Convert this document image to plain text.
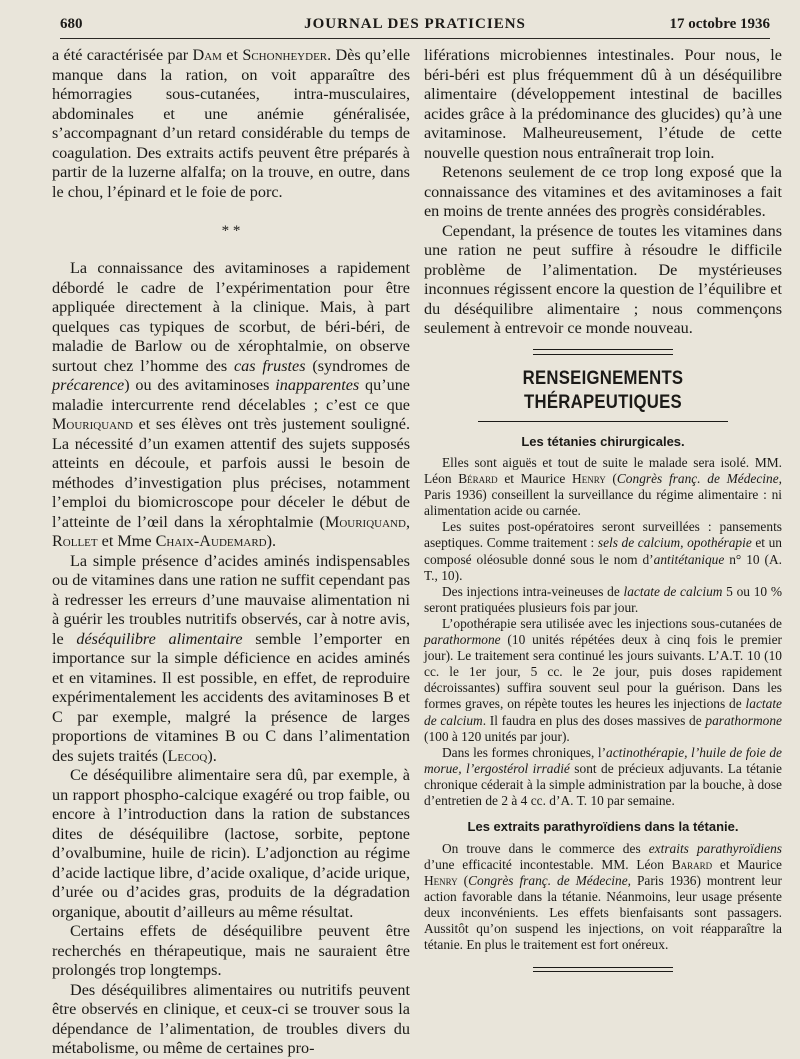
680	JOURNAL DES PRATICIENS	17 octobre 1936

a été caractérisée par Dam et Schonheyder. Dès qu’elle manque dans la ration, on voit apparaître des hémorragies sous-cutanées, intra-musculaires, abdominales et une anémie généralisée, s’accompagnant d’un retard considérable du temps de coagulation. Des extraits actifs peuvent être préparés à partir de la luzerne alfalfa; on la trouve, en outre, dans le chou, l’épinard et le foie de porc.

* *

La connaissance des avitaminoses a rapidement débordé le cadre de l’expérimentation pour être appliquée directement à la clinique. Mais, à part quelques cas typiques de scorbut, de béri-béri, de maladie de Barlow ou de xérophtalmie, on observe surtout chez l’homme des cas frustes (syndromes de précarence) ou des avitaminoses inapparentes qu’une maladie intercurrente rend décelables ; c’est ce que Mouriquand et ses élèves ont très justement souligné. La nécessité d’un examen attentif des sujets supposés atteints en découle, et parfois aussi le besoin de méthodes d’investigation plus précises, notamment l’emploi du biomicroscope pour déceler le début de l’atteinte de l’œil dans la xérophtalmie (Mouriquand, Rollet et Mme Chaix-Audemard).

La simple présence d’acides aminés indispensables ou de vitamines dans une ration ne suffit cependant pas à redresser les erreurs d’une mauvaise alimentation ni à guérir les troubles nutritifs observés, car à notre avis, le déséquilibre alimentaire semble l’emporter en importance sur la simple déficience en acides aminés et en vitamines. Il est possible, en effet, de reproduire expérimentalement les accidents des avitaminoses B et C par exemple, malgré la présence de larges proportions de vitamines B ou C dans l’alimentation des sujets traités (Lecoq).

Ce déséquilibre alimentaire sera dû, par exemple, à un rapport phospho-calcique exagéré ou trop faible, ou encore à l’introduction dans la ration de substances dites de déséquilibre (lactose, sorbite, peptone d’ovalbumine, huile de ricin). L’adjonction au régime d’acide lactique libre, d’acide oxalique, d’acide urique, d’urée ou d’acides gras, produits de la dégradation organique, aboutit d’ailleurs au même résultat.

Certains effets de déséquilibre peuvent être recherchés en thérapeutique, mais ne sauraient être prolongés trop longtemps.

Des déséquilibres alimentaires ou nutritifs peuvent être observés en clinique, et ceux-ci se trouver sous la dépendance de l’alimentation, de troubles divers du métabolisme, ou même de certaines pro-

liférations microbiennes intestinales. Pour nous, le béri-béri est plus fréquemment dû à un déséquilibre alimentaire (développement intestinal de bacilles acides grâce à la prédominance des glucides) qu’à une avitaminose. Malheureusement, l’étude de cette nouvelle question nous entraînerait trop loin.

Retenons seulement de ce trop long exposé que la connaissance des vitamines et des avitaminoses a fait en moins de trente années des progrès considérables.

Cependant, la présence de toutes les vitamines dans une ration ne peut suffire à résoudre le difficile problème de l’alimentation. De mystérieuses inconnues régissent encore la question de l’équilibre et du déséquilibre alimentaire ; nous commençons seulement à entrevoir ce monde nouveau.

RENSEIGNEMENTS THÉRAPEUTIQUES
Les tétanies chirurgicales.

Elles sont aiguës et tout de suite le malade sera isolé. MM. Léon Bérard et Maurice Henry (Congrès franç. de Médecine, Paris 1936) conseillent la surveillance du régime alimentaire : ni alimentation acide ou carnée.

Les suites post-opératoires seront surveillées : pansements aseptiques. Comme traitement : sels de calcium, opothérapie et un composé oléosuble donné sous le nom d’antitétanique n° 10 (A. T., 10).

Des injections intra-veineuses de lactate de calcium 5 ou 10 % seront pratiquées plusieurs fois par jour.

L’opothérapie sera utilisée avec les injections sous-cutanées de parathormone (10 unités répétées deux à cinq fois le premier jour). Le traitement sera continué les jours suivants. L’A.T. 10 (10 cc. le 1er jour, 5 cc. le 2e jour, puis doses rapidement décroissantes) suffira souvent seul pour la guérison. Dans les formes graves, on répète toutes les heures les injections de lactate de calcium. Il faudra en plus des doses massives de parathormone (100 à 120 unités par jour).

Dans les formes chroniques, l’actinothérapie, l’huile de foie de morue, l’ergostérol irradié sont de précieux adjuvants. La tétanie chronique céderait à la simple administration par la bouche, à dose d’entretien de 2 à 4 cc. d’A. T. 10 par semaine.

Les extraits parathyroïdiens dans la tétanie.

On trouve dans le commerce des extraits parathyroïdiens d’une efficacité incontestable. MM. Léon Barard et Maurice Henry (Congrès franç. de Médecine, Paris 1936) montrent leur action favorable dans la tétanie. Néanmoins, leur usage présente deux inconvénients. Les effets bienfaisants sont passagers. Aussitôt qu’on suspend les injections, on voit réapparaître la tétanie. En plus le traitement est fort onéreux.
